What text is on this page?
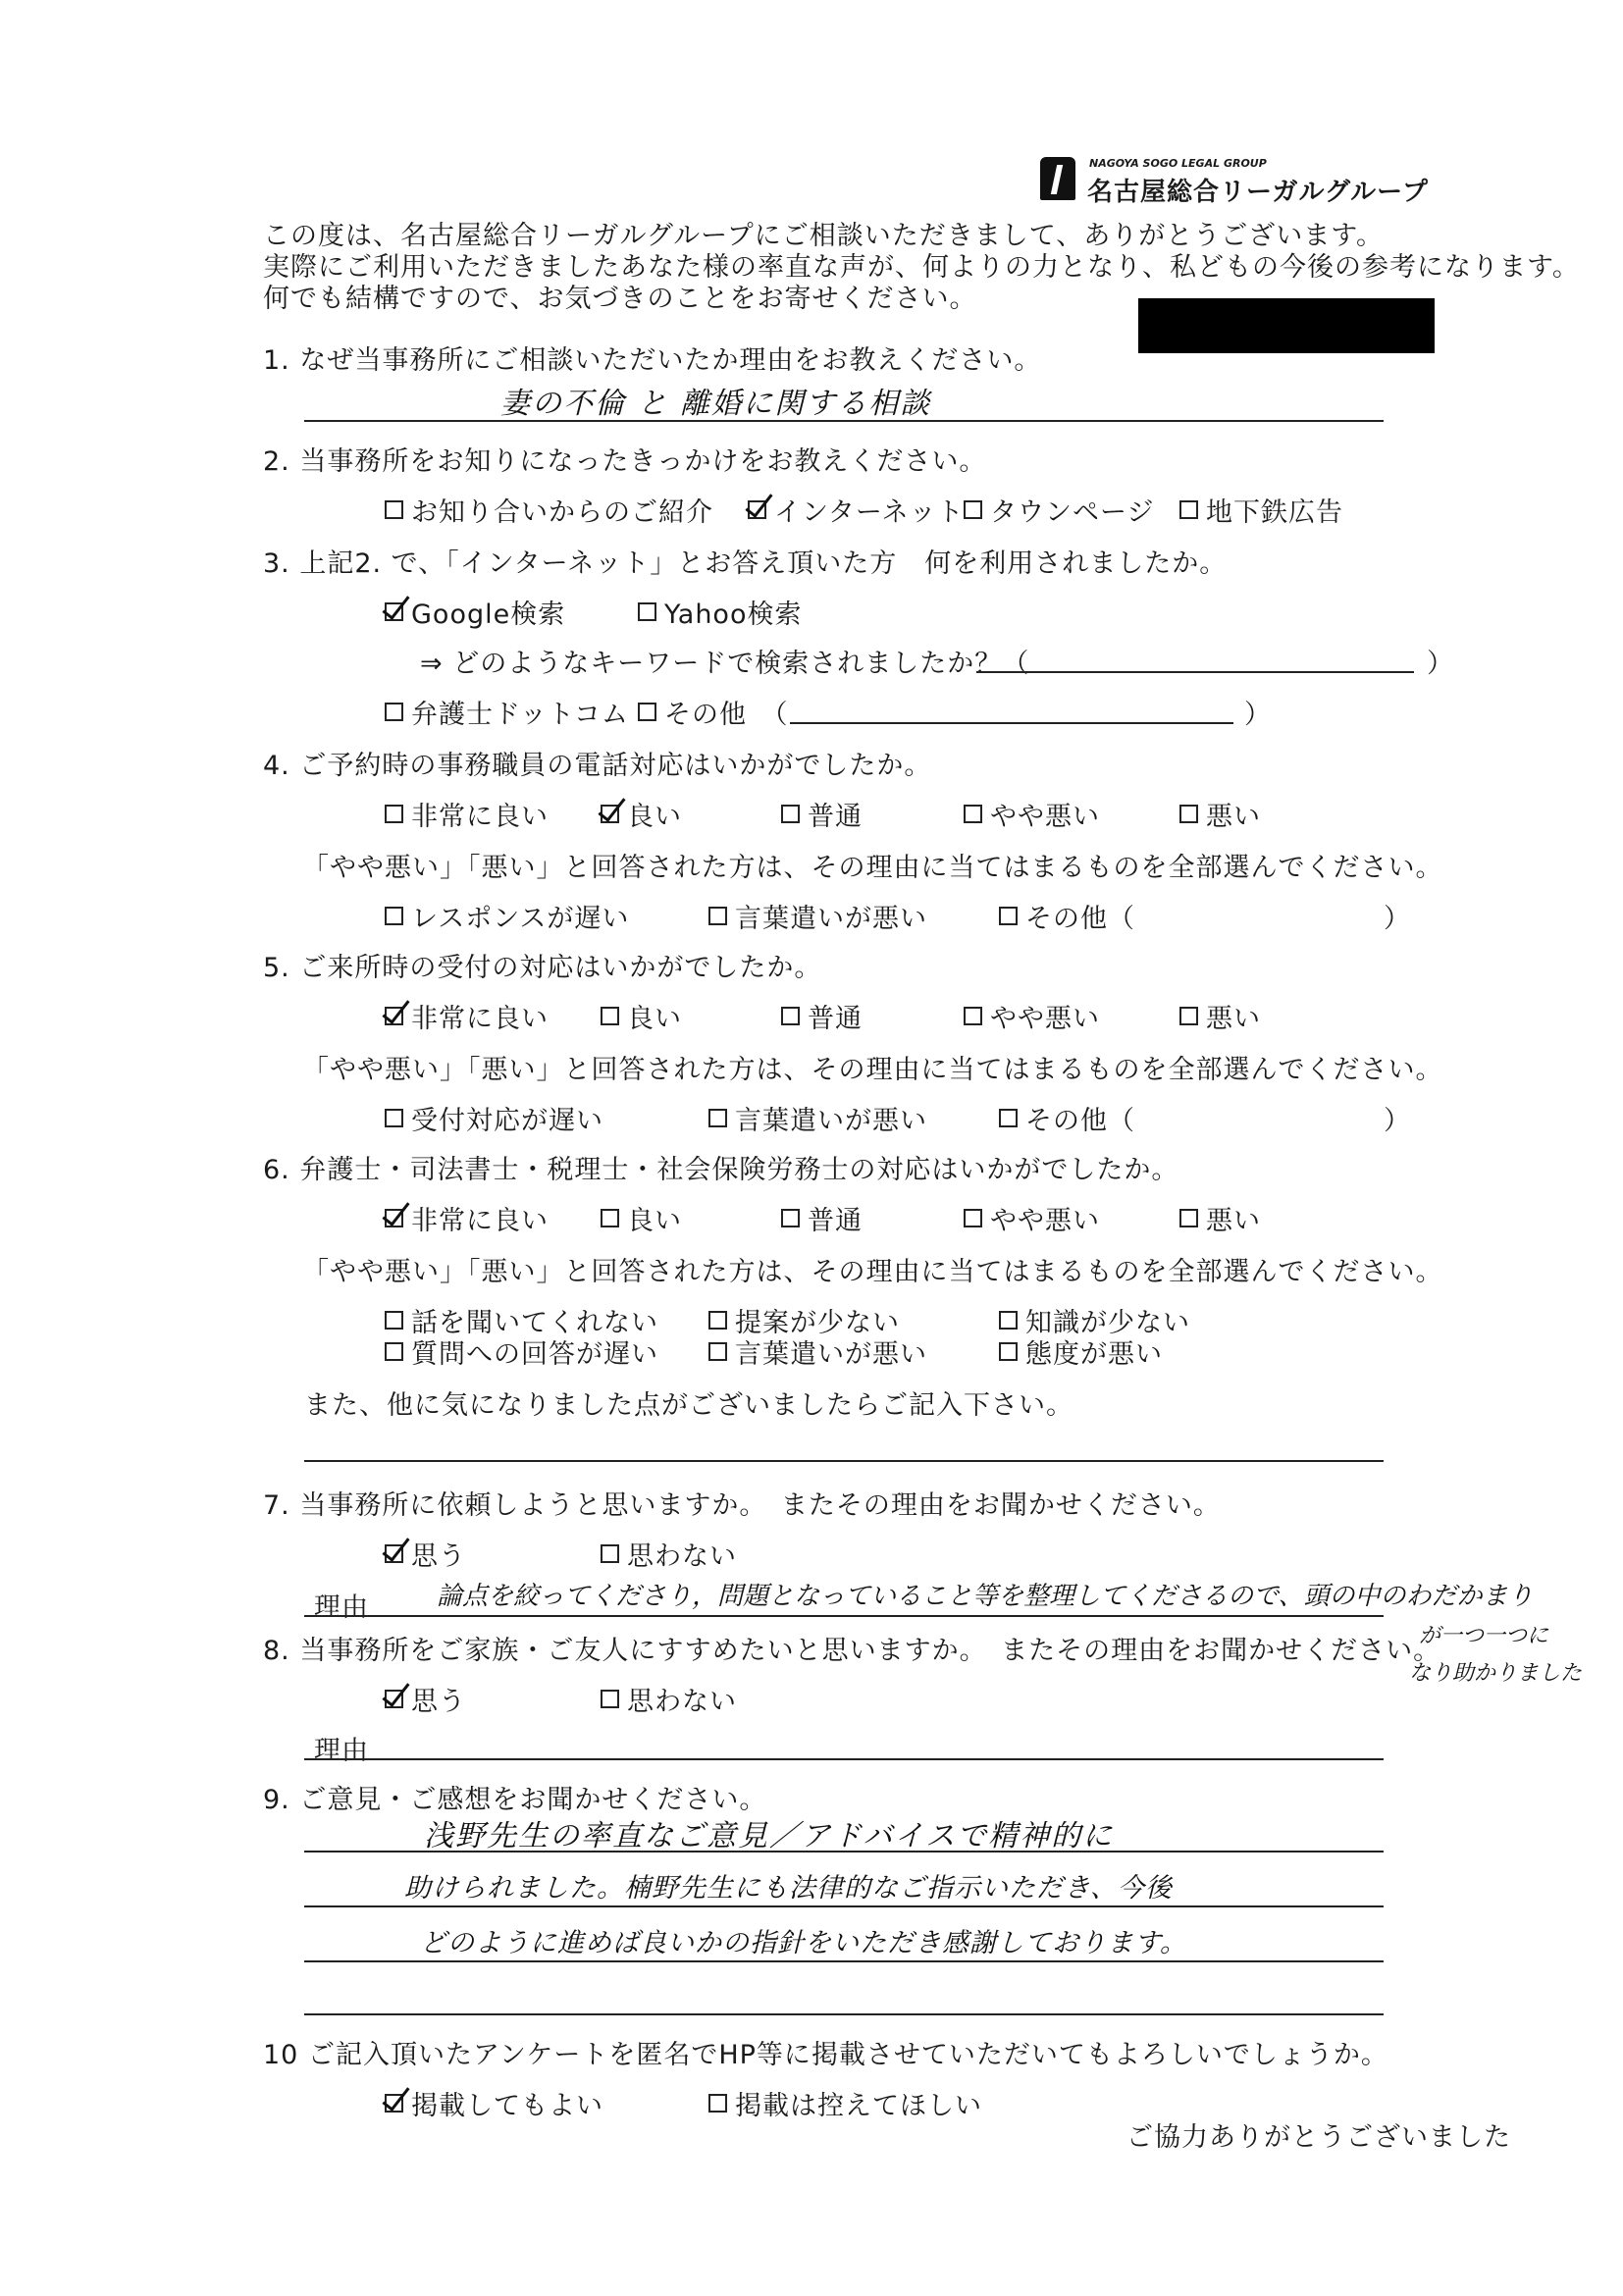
NAGOYA SOGO LEGAL GROUP
名古屋総合リーガルグループ
この度は、名古屋総合リーガルグループにご相談いただきまして、ありがとうございます。
実際にご利用いただきましたあなた様の率直な声が、何よりの力となり、私どもの今後の参考になります。
何でも結構ですので、お気づきのことをお寄せください。
1. なぜ当事務所にご相談いただいたか理由をお教えください。
妻の不倫 と 離婚に関する相談
2. 当事務所をお知りになったきっかけをお教えください。
お知り合いからのご紹介 インターネット タウンページ 地下鉄広告
3. 上記2. で、「インターネット」とお答え頂いた方　何を利用されましたか。
Google検索	Yahoo検索
⇒ どのようなキーワードで検索されましたか？（	）
弁護士ドットコム その他　（	）
4. ご予約時の事務職員の電話対応はいかがでしたか。
非常に良い	良い	普通	やや悪い	悪い
「やや悪い」「悪い」と回答された方は、その理由に当てはまるものを全部選んでください。
レスポンスが遅い	言葉遣いが悪い	その他（	）
5. ご来所時の受付の対応はいかがでしたか。
非常に良い	良い	普通	やや悪い	悪い
「やや悪い」「悪い」と回答された方は、その理由に当てはまるものを全部選んでください。
受付対応が遅い	言葉遣いが悪い	その他（	）
6. 弁護士・司法書士・税理士・社会保険労務士の対応はいかがでしたか。
非常に良い	良い	普通	やや悪い	悪い
「やや悪い」「悪い」と回答された方は、その理由に当てはまるものを全部選んでください。
話を聞いてくれない	提案が少ない	知識が少ない
質問への回答が遅い	言葉遣いが悪い	態度が悪い
また、他に気になりました点がございましたらご記入下さい。
7. 当事務所に依頼しようと思いますか。　またその理由をお聞かせください。
思う	思わない
理由	論点を絞ってくださり，問題となっていること等を整理してくださるので、頭の中のわだかまり
が一つ一つに
なり助かりました
8. 当事務所をご家族・ご友人にすすめたいと思いますか。　またその理由をお聞かせください。
思う	思わない
理由
9. ご意見・ご感想をお聞かせください。
浅野先生の率直なご意見／アドバイスで精神的に
助けられました。楠野先生にも法律的なご指示いただき、今後
どのように進めば良いかの指針をいただき感謝しております。
10 ご記入頂いたアンケートを匿名でHP等に掲載させていただいてもよろしいでしょうか。
掲載してもよい	掲載は控えてほしい
ご協力ありがとうございました
